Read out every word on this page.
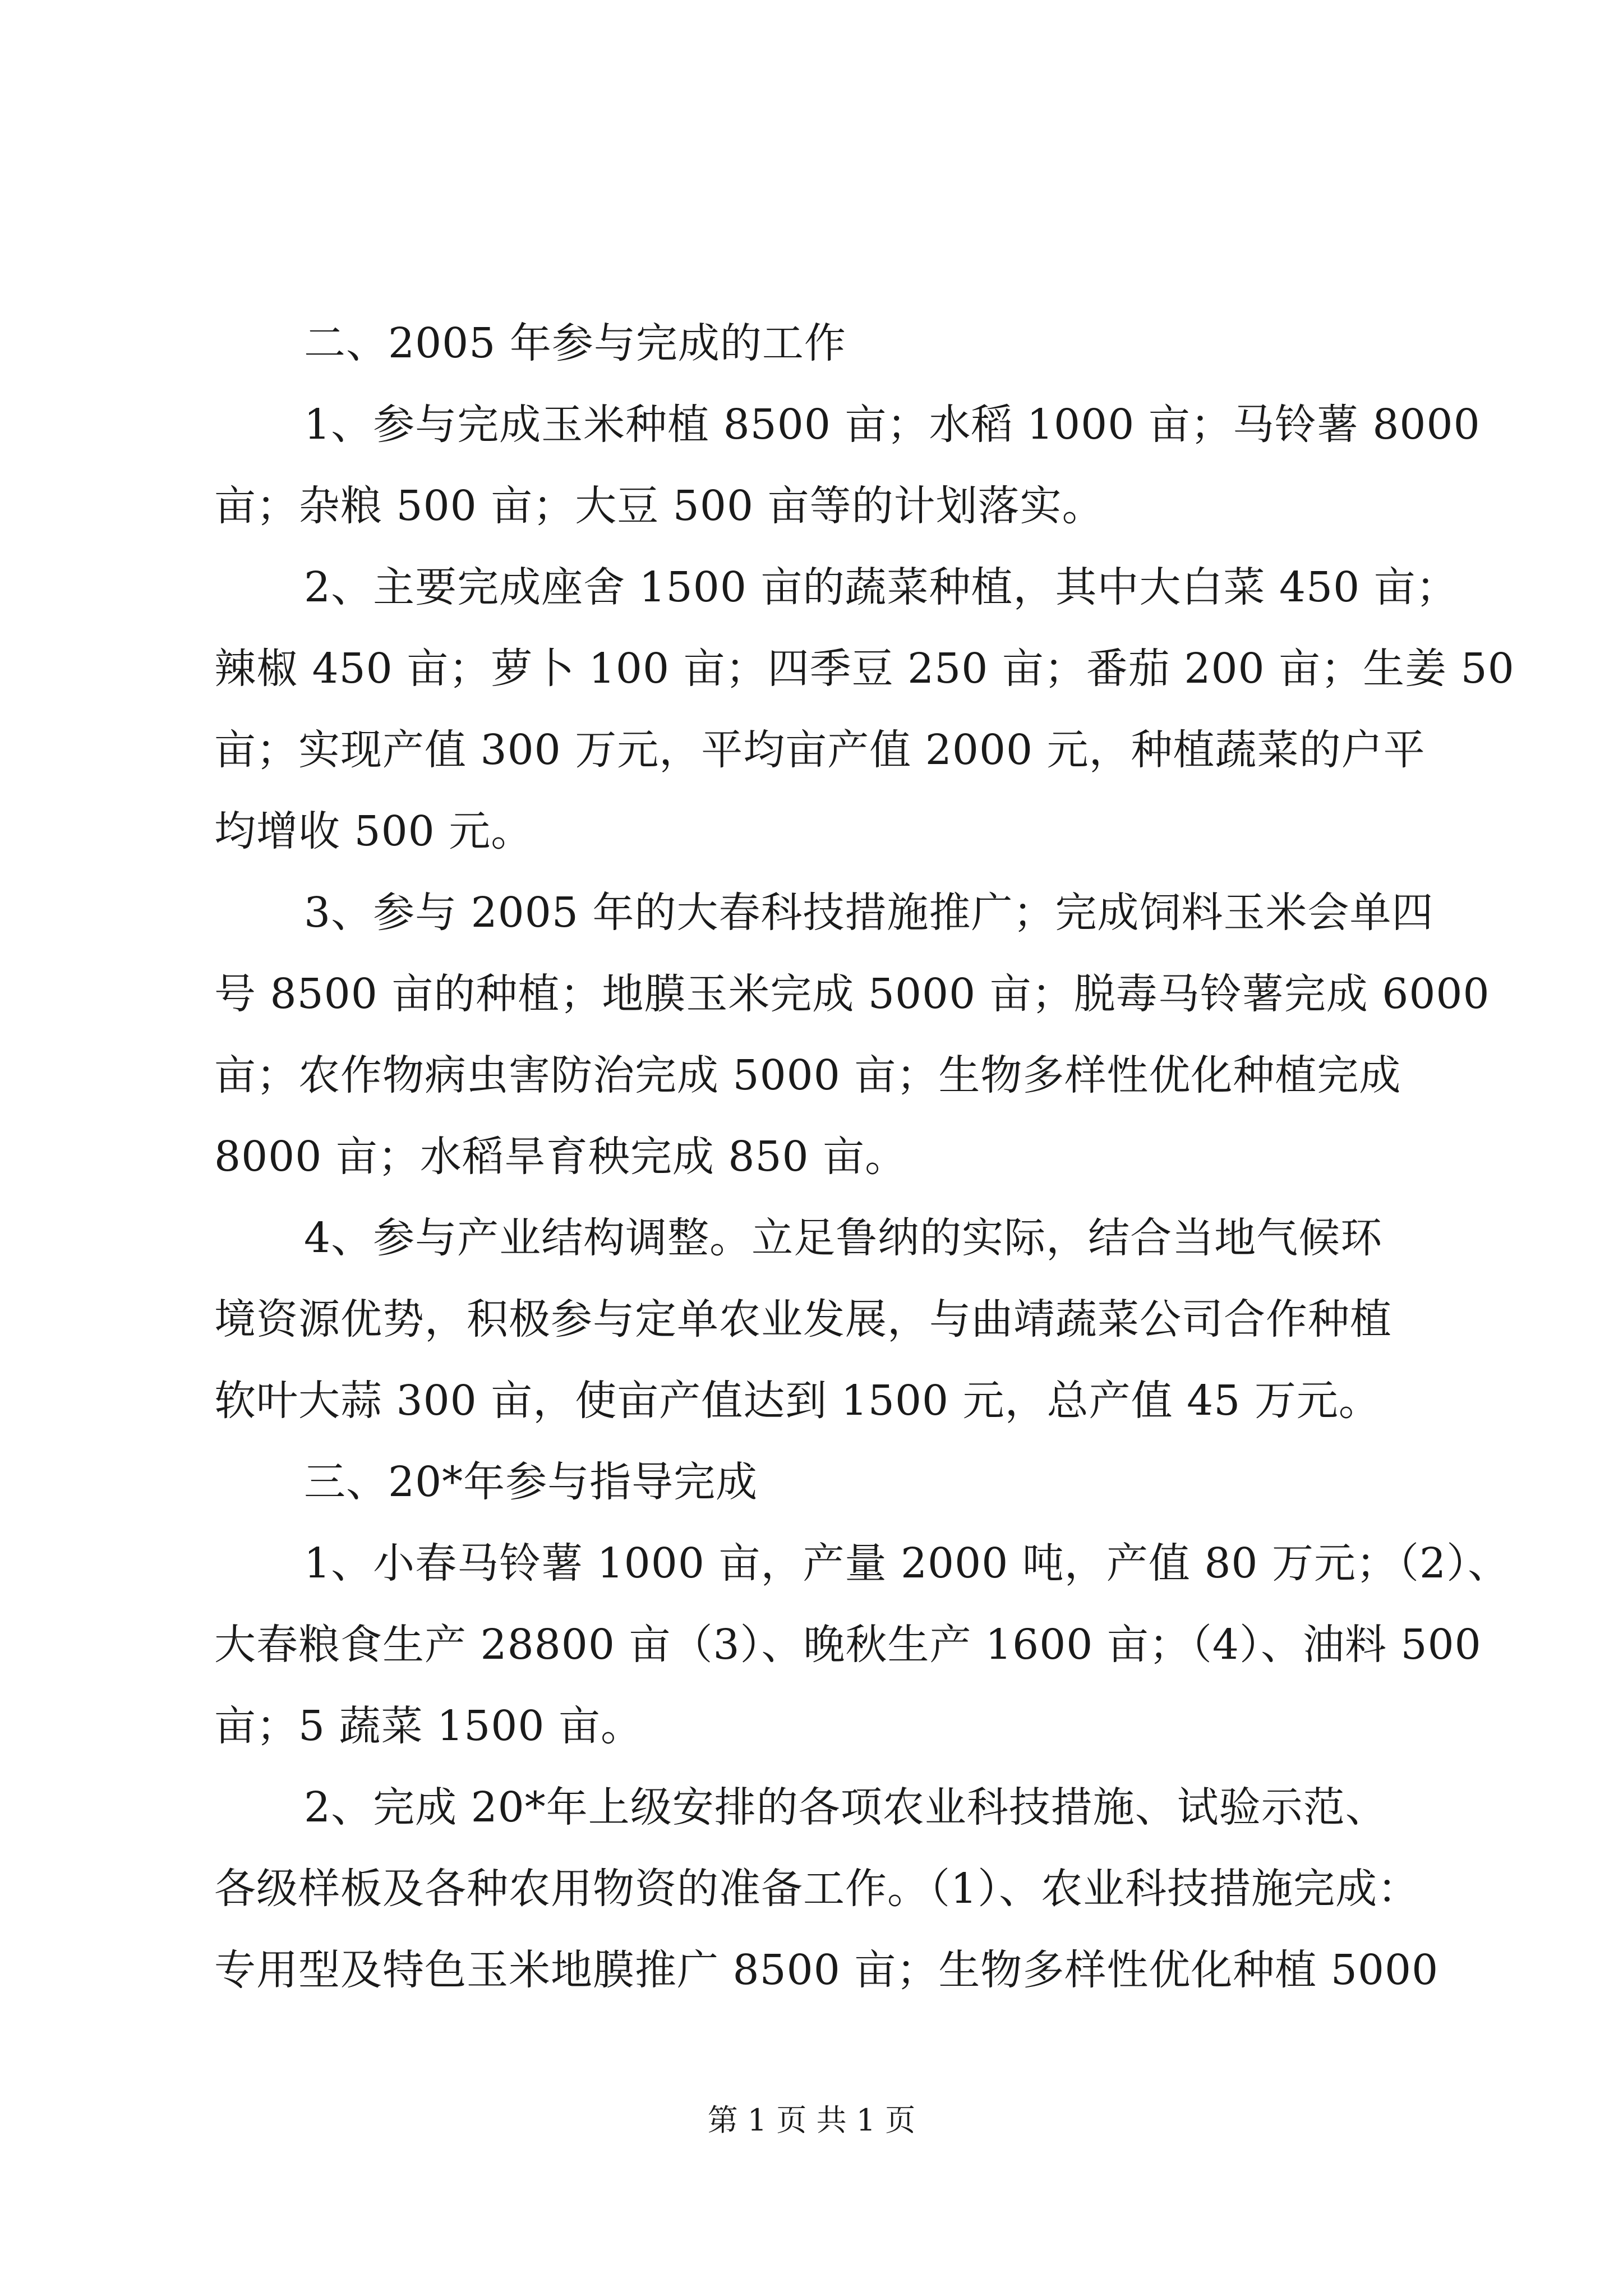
二、2005 年参与完成的工作
1、参与完成玉米种植 8500 亩；水稻 1000 亩；马铃薯 8000
亩；杂粮 500 亩；大豆 500 亩等的计划落实。
2、主要完成座舍 1500 亩的蔬菜种植，其中大白菜 450 亩；
辣椒 450 亩；萝卜 100 亩；四季豆 250 亩；番茄 200 亩；生姜 50
亩；实现产值 300 万元，平均亩产值 2000 元，种植蔬菜的户平
均增收 500 元。
3、参与 2005 年的大春科技措施推广；完成饲料玉米会单四
号 8500 亩的种植；地膜玉米完成 5000 亩；脱毒马铃薯完成 6000
亩；农作物病虫害防治完成 5000 亩；生物多样性优化种植完成
8000 亩；水稻旱育秧完成 850 亩。
4、参与产业结构调整。立足鲁纳的实际，结合当地气候环
境资源优势，积极参与定单农业发展，与曲靖蔬菜公司合作种植
软叶大蒜 300 亩，使亩产值达到 1500 元，总产值 45 万元。
三、20*年参与指导完成
1、小春马铃薯 1000 亩，产量 2000 吨，产值 80 万元；（2）、
大春粮食生产 28800 亩（3）、晚秋生产 1600 亩；（4）、油料 500
亩；5 蔬菜 1500 亩。
2、完成 20*年上级安排的各项农业科技措施、试验示范、
各级样板及各种农用物资的准备工作。（1）、农业科技措施完成：
专用型及特色玉米地膜推广 8500 亩；生物多样性优化种植 5000
第 1 页 共 1 页
